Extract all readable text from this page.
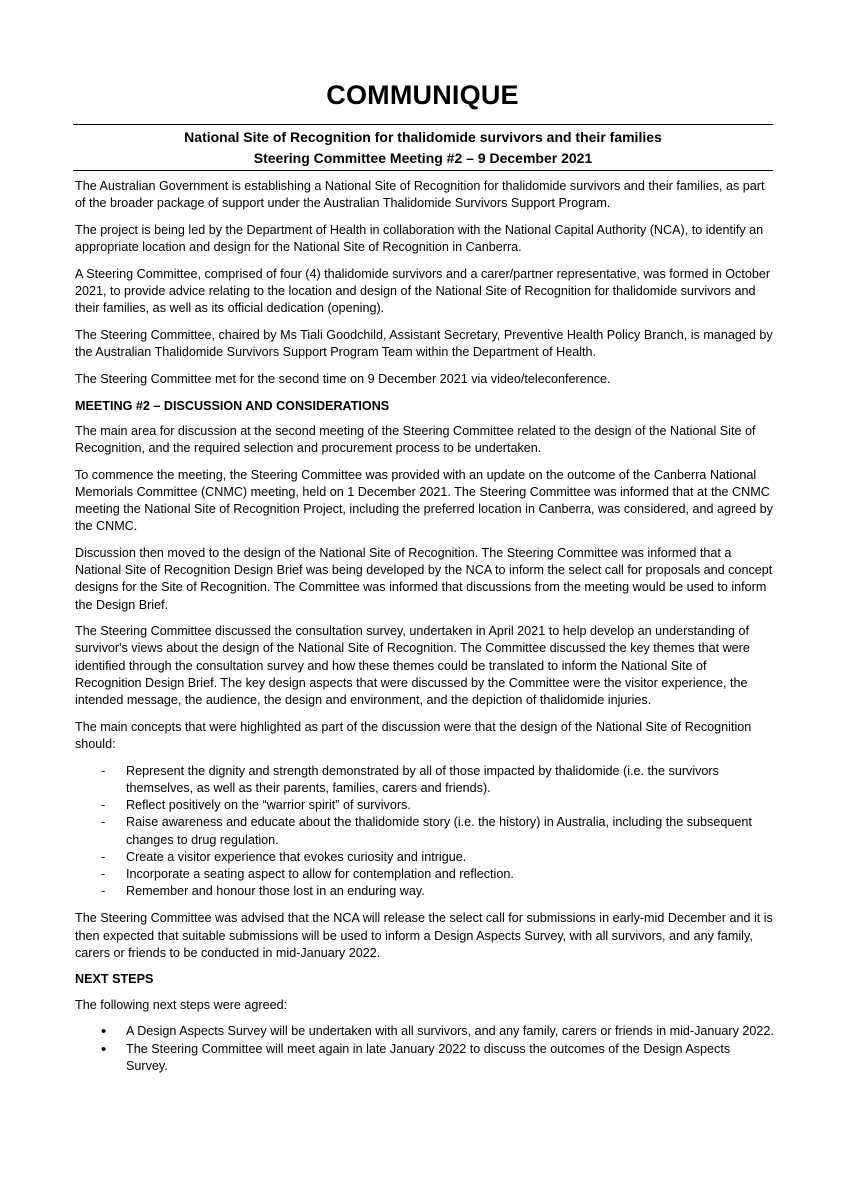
COMMUNIQUE
National Site of Recognition for thalidomide survivors and their families
Steering Committee Meeting #2 – 9 December 2021

The Australian Government is establishing a National Site of Recognition for thalidomide survivors and their families, as part of the broader package of support under the Australian Thalidomide Survivors Support Program.

The project is being led by the Department of Health in collaboration with the National Capital Authority (NCA), to identify an appropriate location and design for the National Site of Recognition in Canberra.

A Steering Committee, comprised of four (4) thalidomide survivors and a carer/partner representative, was formed in October 2021, to provide advice relating to the location and design of the National Site of Recognition for thalidomide survivors and their families, as well as its official dedication (opening).

The Steering Committee, chaired by Ms Tiali Goodchild, Assistant Secretary, Preventive Health Policy Branch, is managed by the Australian Thalidomide Survivors Support Program Team within the Department of Health.

The Steering Committee met for the second time on 9 December 2021 via video/teleconference.

MEETING #2 – DISCUSSION AND CONSIDERATIONS

The main area for discussion at the second meeting of the Steering Committee related to the design of the National Site of Recognition, and the required selection and procurement process to be undertaken.

To commence the meeting, the Steering Committee was provided with an update on the outcome of the Canberra National Memorials Committee (CNMC) meeting, held on 1 December 2021. The Steering Committee was informed that at the CNMC meeting the National Site of Recognition Project, including the preferred location in Canberra, was considered, and agreed by the CNMC.

Discussion then moved to the design of the National Site of Recognition. The Steering Committee was informed that a National Site of Recognition Design Brief was being developed by the NCA to inform the select call for proposals and concept designs for the Site of Recognition. The Committee was informed that discussions from the meeting would be used to inform the Design Brief.

The Steering Committee discussed the consultation survey, undertaken in April 2021 to help develop an understanding of survivor's views about the design of the National Site of Recognition. The Committee discussed the key themes that were identified through the consultation survey and how these themes could be translated to inform the National Site of Recognition Design Brief. The key design aspects that were discussed by the Committee were the visitor experience, the intended message, the audience, the design and environment, and the depiction of thalidomide injuries.

The main concepts that were highlighted as part of the discussion were that the design of the National Site of Recognition should:

- Represent the dignity and strength demonstrated by all of those impacted by thalidomide (i.e. the survivors themselves, as well as their parents, families, carers and friends).
- Reflect positively on the “warrior spirit” of survivors.
- Raise awareness and educate about the thalidomide story (i.e. the history) in Australia, including the subsequent changes to drug regulation.
- Create a visitor experience that evokes curiosity and intrigue.
- Incorporate a seating aspect to allow for contemplation and reflection.
- Remember and honour those lost in an enduring way.

The Steering Committee was advised that the NCA will release the select call for submissions in early-mid December and it is then expected that suitable submissions will be used to inform a Design Aspects Survey, with all survivors, and any family, carers or friends to be conducted in mid-January 2022.

NEXT STEPS

The following next steps were agreed:

• A Design Aspects Survey will be undertaken with all survivors, and any family, carers or friends in mid-January 2022.
• The Steering Committee will meet again in late January 2022 to discuss the outcomes of the Design Aspects Survey.
